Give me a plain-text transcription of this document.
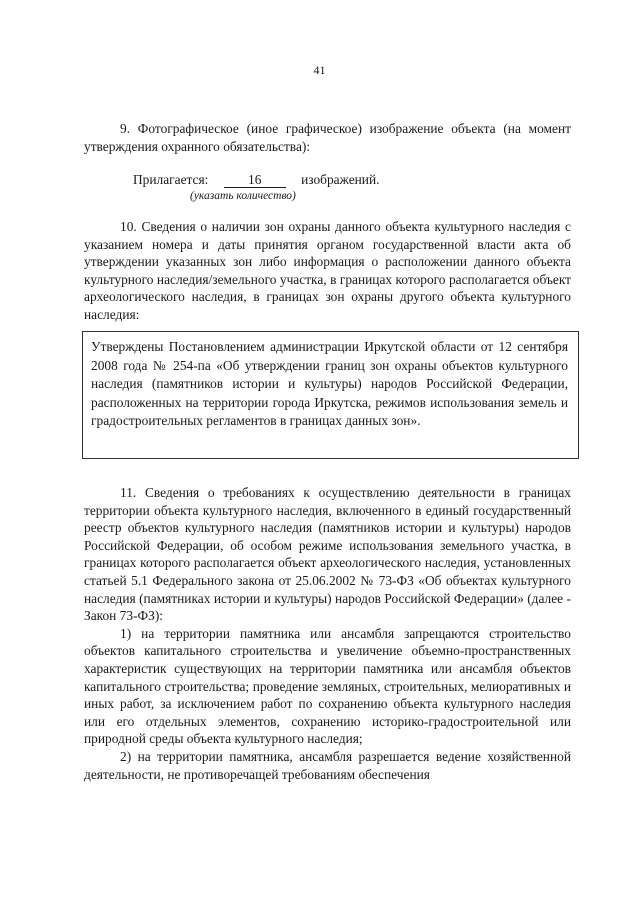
41
9. Фотографическое (иное графическое) изображение объекта (на момент утверждения охранного обязательства):
Прилагается:	16	изображений.
(указать количество)
10. Сведения о наличии зон охраны данного объекта культурного наследия с указанием номера и даты принятия органом государственной власти акта об утверждении указанных зон либо информация о расположении данного объекта культурного наследия/земельного участка, в границах которого располагается объект археологического наследия, в границах зон охраны другого объекта культурного наследия:
Утверждены Постановлением администрации Иркутской области от 12 сентября 2008 года № 254-па «Об утверждении границ зон охраны объектов культурного наследия (памятников истории и культуры) народов Российской Федерации, расположенных на территории города Иркутска, режимов использования земель и градостроительных регламентов в границах данных зон».

11. Сведения о требованиях к осуществлению деятельности в границах территории объекта культурного наследия, включенного в единый государственный реестр объектов культурного наследия (памятников истории и культуры) народов Российской Федерации, об особом режиме использования земельного участка, в границах которого располагается объект археологического наследия, установленных статьей 5.1 Федерального закона от 25.06.2002 № 73-ФЗ «Об объектах культурного наследия (памятниках истории и культуры) народов Российской Федерации» (далее - Закон 73-ФЗ):

1) на территории памятника или ансамбля запрещаются строительство объектов капитального строительства и увеличение объемно-пространственных характеристик существующих на территории памятника или ансамбля объектов капитального строительства; проведение земляных, строительных, мелиоративных и иных работ, за исключением работ по сохранению объекта культурного наследия или его отдельных элементов, сохранению историко-градостроительной или природной среды объекта культурного наследия;

2) на территории памятника, ансамбля разрешается ведение хозяйственной деятельности, не противоречащей требованиям обеспечения
